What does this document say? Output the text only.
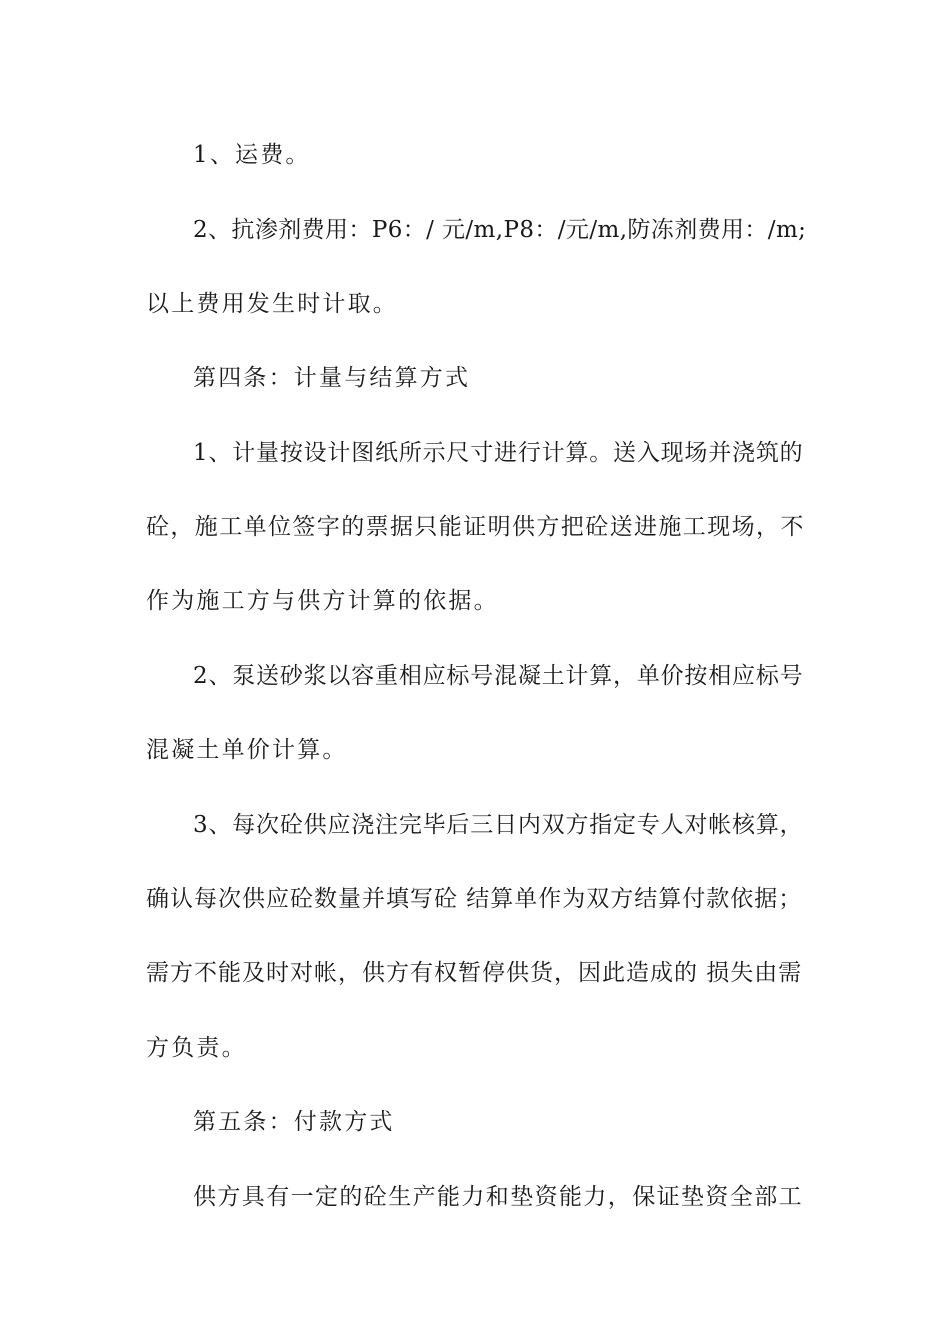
1、运费。
2、抗渗剂费用：P6：/ 元/m,P8：/元/m,防冻剂费用：/m;
以上费用发生时计取。
第四条：计量与结算方式
1、计量按设计图纸所示尺寸进行计算。送入现场并浇筑的
砼，施工单位签字的票据只能证明供方把砼送进施工现场，不
作为施工方与供方计算的依据。
2、泵送砂浆以容重相应标号混凝土计算，单价按相应标号
混凝土单价计算。
3、每次砼供应浇注完毕后三日内双方指定专人对帐核算，
确认每次供应砼数量并填写砼 结算单作为双方结算付款依据；
需方不能及时对帐，供方有权暂停供货，因此造成的 损失由需
方负责。
第五条：付款方式
供方具有一定的砼生产能力和垫资能力，保证垫资全部工
